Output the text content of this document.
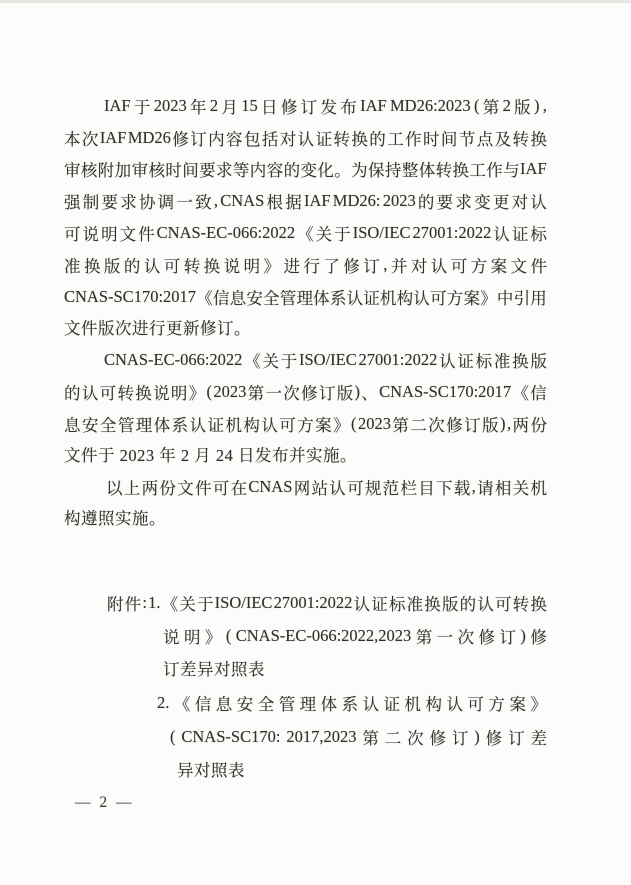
IAF 于 2023 年 2 月 15 日 修 订 发 布 IAF MD26:2023 ( 第 2 版 ) ,
本 次 IAF MD26 修 订 内 容 包 括 对 认 证 转 换 的 工 作 时 间 节 点 及 转 换
审 核 附 加 审 核 时 间 要 求 等 内 容 的 变 化 。 为 保 持 整 体 转 换 工 作 与 IAF
强 制 要 求 协 调 一 致 , CNAS 根 据 IAF MD26: 2023 的 要 求 变 更 对 认
可 说 明 文 件 CNAS-EC-066:2022 《 关 于 ISO/IEC 27001:2022 认 证 标
准 换 版 的 认 可 转 换 说 明 》 进 行 了 修 订 , 并 对 认 可 方 案 文 件
CNAS-SC170:2017 《 信 息 安 全 管 理 体 系 认 证 机 构 认 可 方 案 》 中 引 用
文件版次进行更新修订。
CNAS-EC-066:2022 《 关 于 ISO/IEC 27001:2022 认 证 标 准 换 版
的 认 可 转 换 说 明 》 ( 2023 第 一 次 修 订 版 ) 、 CNAS-SC170:2017 《 信
息 安 全 管 理 体 系 认 证 机 构 认 可 方 案 》 ( 2023 第 二 次 修 订 版 ) , 两 份
文件于 2023 年 2 月 24 日发布并实施。
以 上 两 份 文 件 可 在 CNAS 网 站 认 可 规 范 栏 目 下 载 , 请 相 关 机
构遵照实施。
附 件 : 1. 《 关 于 ISO/IEC 27001:2022 认 证 标 准 换 版 的 认 可 转 换
说 明 》 ( CNAS-EC-066:2022,2023 第 一 次 修 订 ) 修
订差异对照表
2. 《 信 息 安 全 管 理 体 系 认 证 机 构 认 可 方 案 》
( CNAS-SC170: 2017,2023 第 二 次 修 订 ) 修 订 差
异对照表
— 2 —
